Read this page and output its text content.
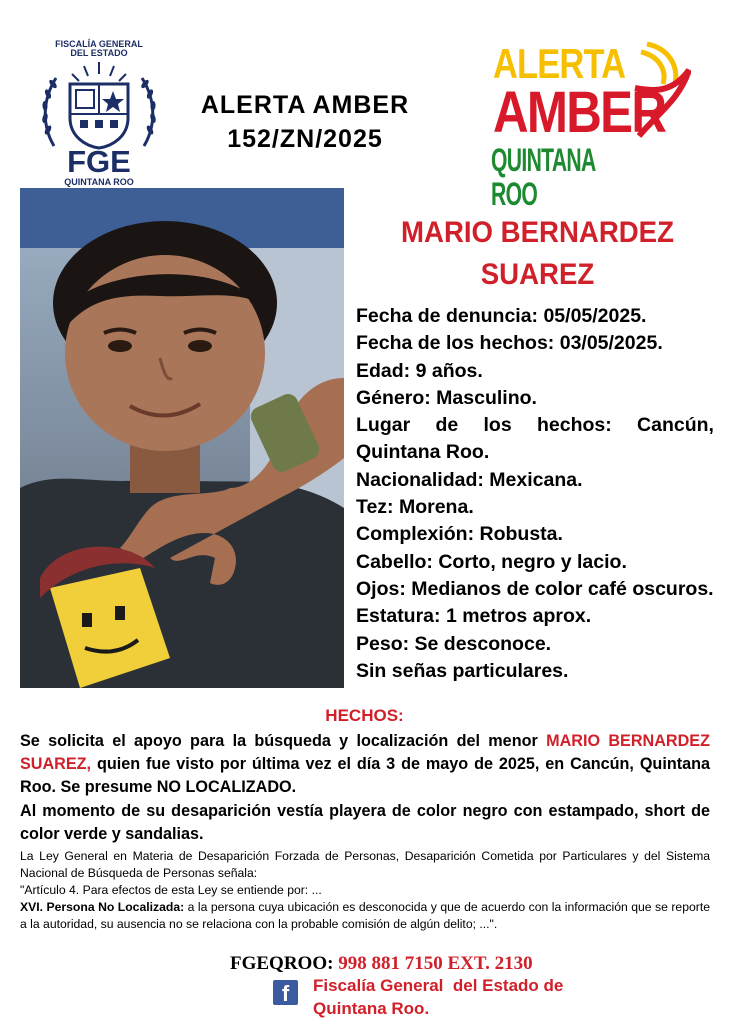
FISCALÍA GENERAL
DEL ESTADO
FGE
QUINTANA ROO
ALERTA AMBER
152/ZN/2025
ALERTA
AMBER
QUINTANA ROO
MARIO BERNARDEZ
SUAREZ
Fecha de denuncia: 05/05/2025.
Fecha de los hechos: 03/05/2025.
Edad: 9 años.
Género: Masculino.
Lugar de los hechos: Cancún,
Quintana Roo.
Nacionalidad: Mexicana.
Tez: Morena.
Complexión: Robusta.
Cabello: Corto, negro y lacio.
Ojos: Medianos de color café oscuros.
Estatura: 1 metros aprox.
Peso: Se desconoce.
Sin señas particulares.
HECHOS:
Se solicita el apoyo para la búsqueda y localización del menor MARIO BERNARDEZ SUAREZ, quien fue visto por última vez el día 3 de mayo de 2025, en Cancún, Quintana Roo. Se presume NO LOCALIZADO.
Al momento de su desaparición vestía playera de color negro con estampado, short de color verde y sandalias.
La Ley General en Materia de Desaparición Forzada de Personas, Desaparición Cometida por Particulares y del Sistema Nacional de Búsqueda de Personas señala:
"Artículo 4. Para efectos de esta Ley se entiende por: ...
XVI. Persona No Localizada: a la persona cuya ubicación es desconocida y que de acuerdo con la información que se reporte a la autoridad, su ausencia no se relaciona con la probable comisión de algún delito; ...".
FGEQROO: 998 881 7150 EXT. 2130
f	Fiscalía General  del Estado de
Quintana Roo.
